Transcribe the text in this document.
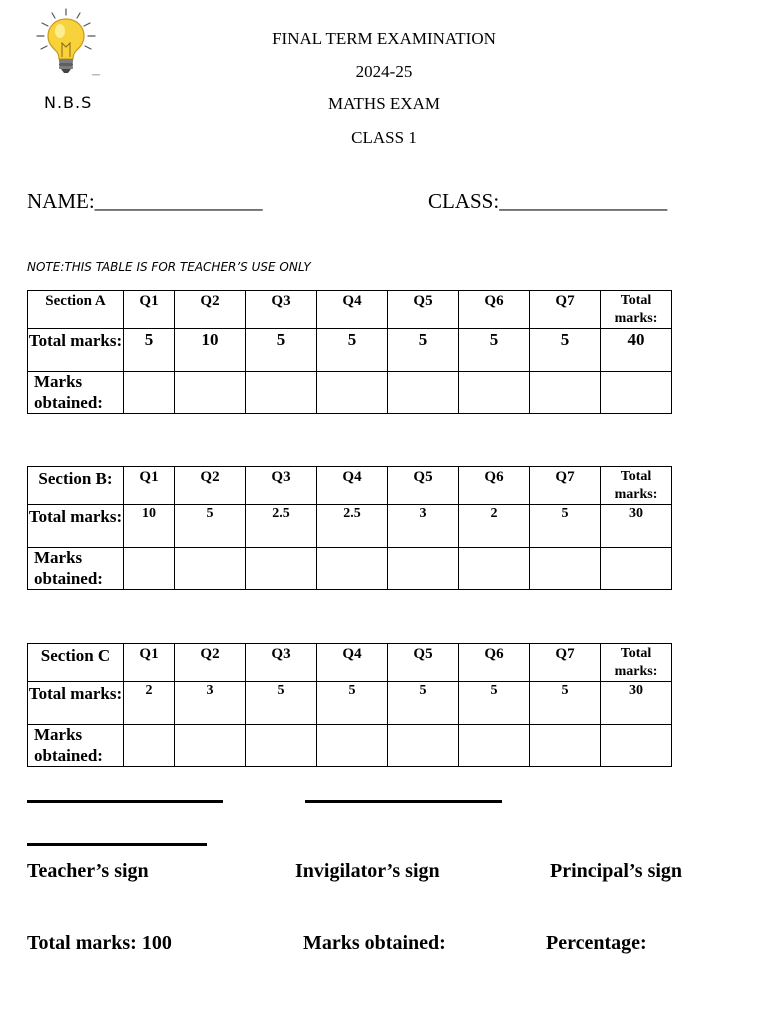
N.B.S
FINAL TERM EXAMINATION
2024-25
MATHS EXAM
CLASS 1
NAME:________________	CLASS:________________
NOTE:THIS TABLE IS FOR TEACHER’S USE ONLY
Section A	Q1	Q2	Q3	Q4	Q5	Q6	Q7	Total marks:
Total marks:	5	10	5	5	5	5	5	40
Marks obtained:								
Section B:	Q1	Q2	Q3	Q4	Q5	Q6	Q7	Total marks:
Total marks:	10	5	2.5	2.5	3	2	5	30
Marks obtained:								
Section C	Q1	Q2	Q3	Q4	Q5	Q6	Q7	Total marks:
Total marks:	2	3	5	5	5	5	5	30
Marks obtained:								
Teacher’s sign	Invigilator’s sign	Principal’s sign
Total marks: 100	Marks obtained:	Percentage:
